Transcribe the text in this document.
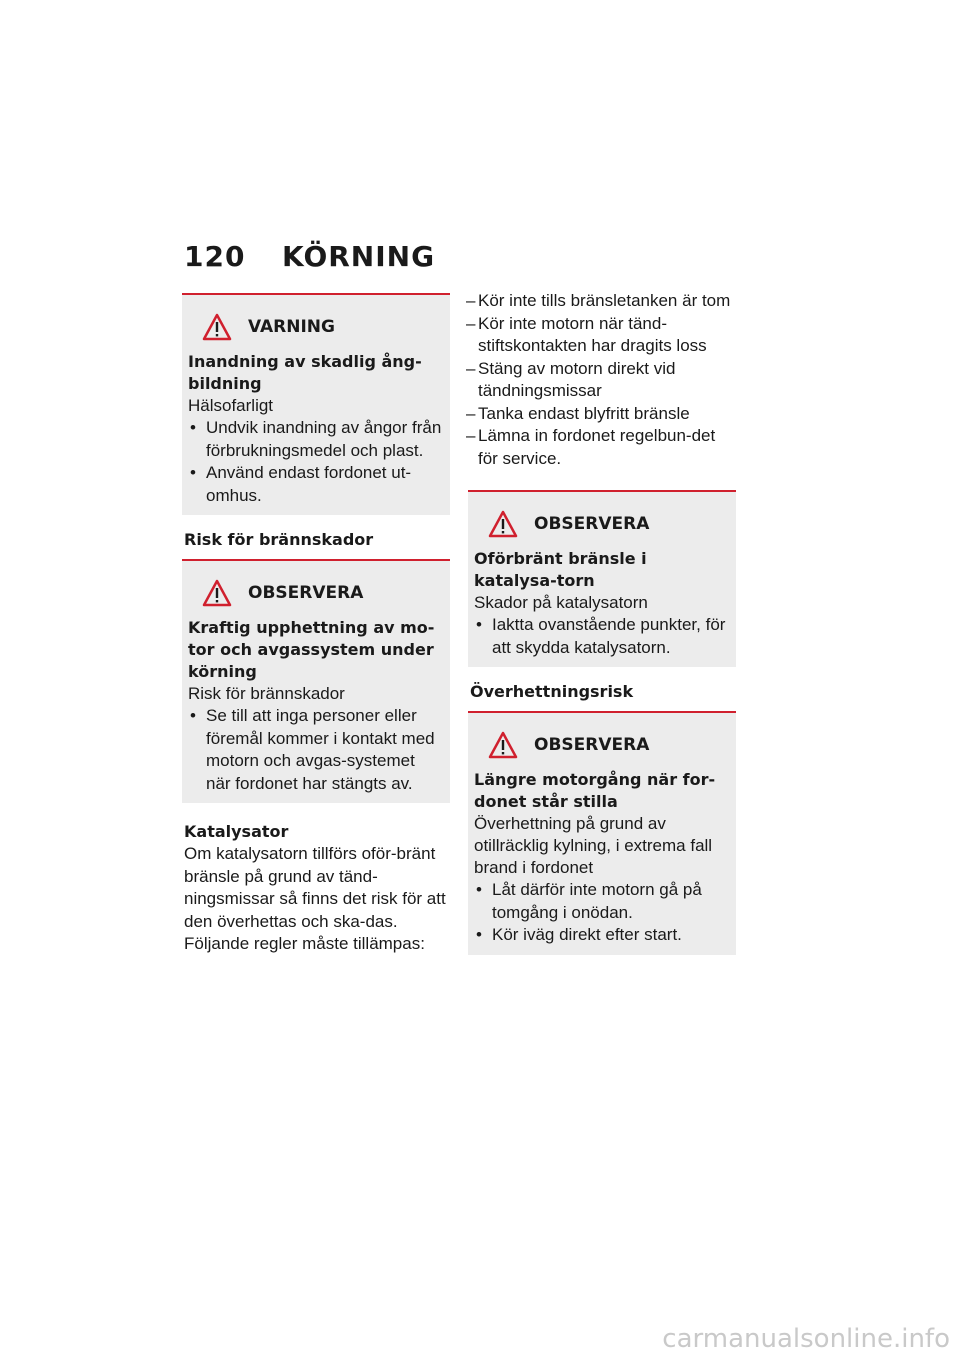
120 KÖRNING
VARNING
Inandning av skadlig ång-bildning
Hälsofarligt
• Undvik inandning av ångor från förbrukningsmedel och plast.
• Använd endast fordonet ut-omhus.
Risk för brännskador
OBSERVERA
Kraftig upphettning av mo-tor och avgassystem under körning
Risk för brännskador
• Se till att inga personer eller föremål kommer i kontakt med motorn och avgas-systemet när fordonet har stängts av.
Katalysator
Om katalysatorn tillförs oför-bränt bränsle på grund av tänd-ningsmissar så finns det risk för att den överhettas och ska-das.
Följande regler måste tillämpas:
– Kör inte tills bränsletanken är tom
– Kör inte motorn när tänd-stiftskontakten har dragits loss
– Stäng av motorn direkt vid tändningsmissar
– Tanka endast blyfritt bränsle
– Lämna in fordonet regelbun-det för service.
OBSERVERA
Oförbränt bränsle i katalysa-torn
Skador på katalysatorn
• Iaktta ovanstående punkter, för att skydda katalysatorn.
Överhettningsrisk
OBSERVERA
Längre motorgång när for-donet står stilla
Överhettning på grund av otillräcklig kylning, i extrema fall brand i fordonet
• Låt därför inte motorn gå på tomgång i onödan.
• Kör iväg direkt efter start.
carmanualsonline.info
